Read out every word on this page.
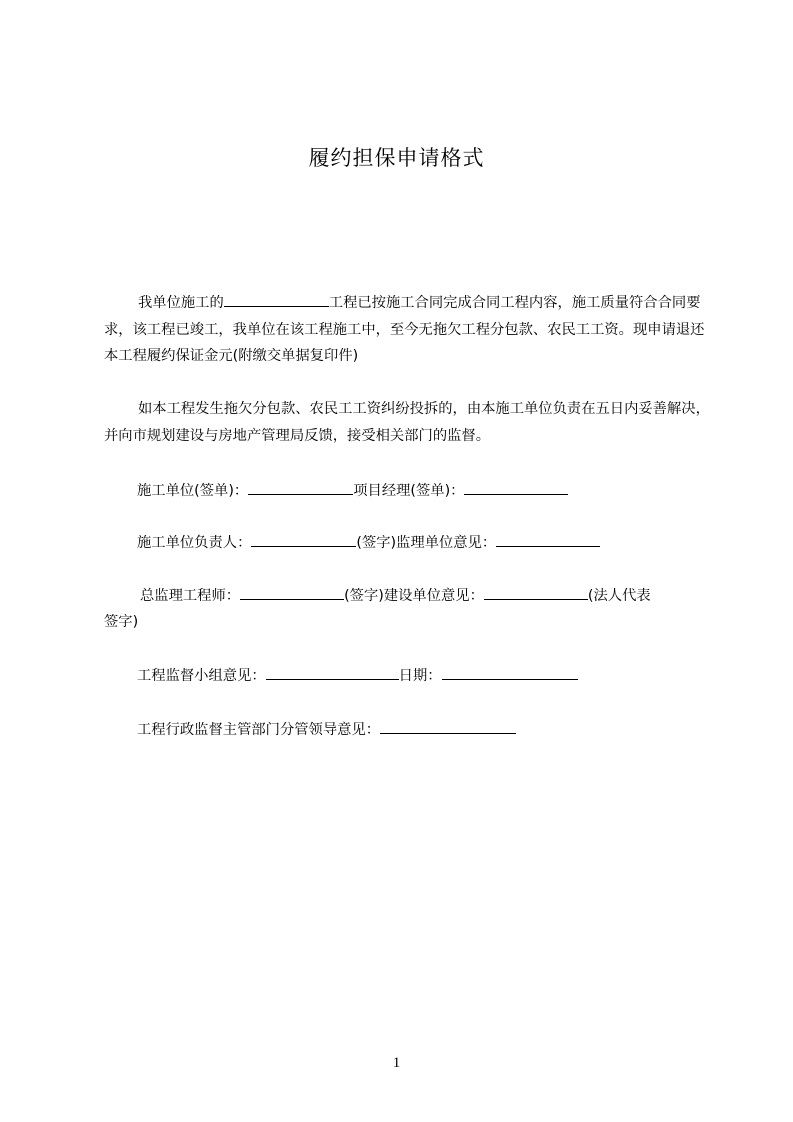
履约担保申请格式
我单位施工的	工程已按施工合同完成合同工程内容，施工质量符合合同要求，该工程已竣工，我单位在该工程施工中，至今无拖欠工程分包款、农民工工资。现申请退还本工程履约保证金元(附缴交单据复印件)
如本工程发生拖欠分包款、农民工工资纠纷投拆的，由本施工单位负责在五日内妥善解决，并向市规划建设与房地产管理局反馈，接受相关部门的监督。
施工单位(签单)：	项目经理(签单)：
施工单位负责人：	(签字)监理单位意见：
总监理工程师：	(签字)建设单位意见：	(法人代表
签字)
工程监督小组意见：	日期：
工程行政监督主管部门分管领导意见：
1
